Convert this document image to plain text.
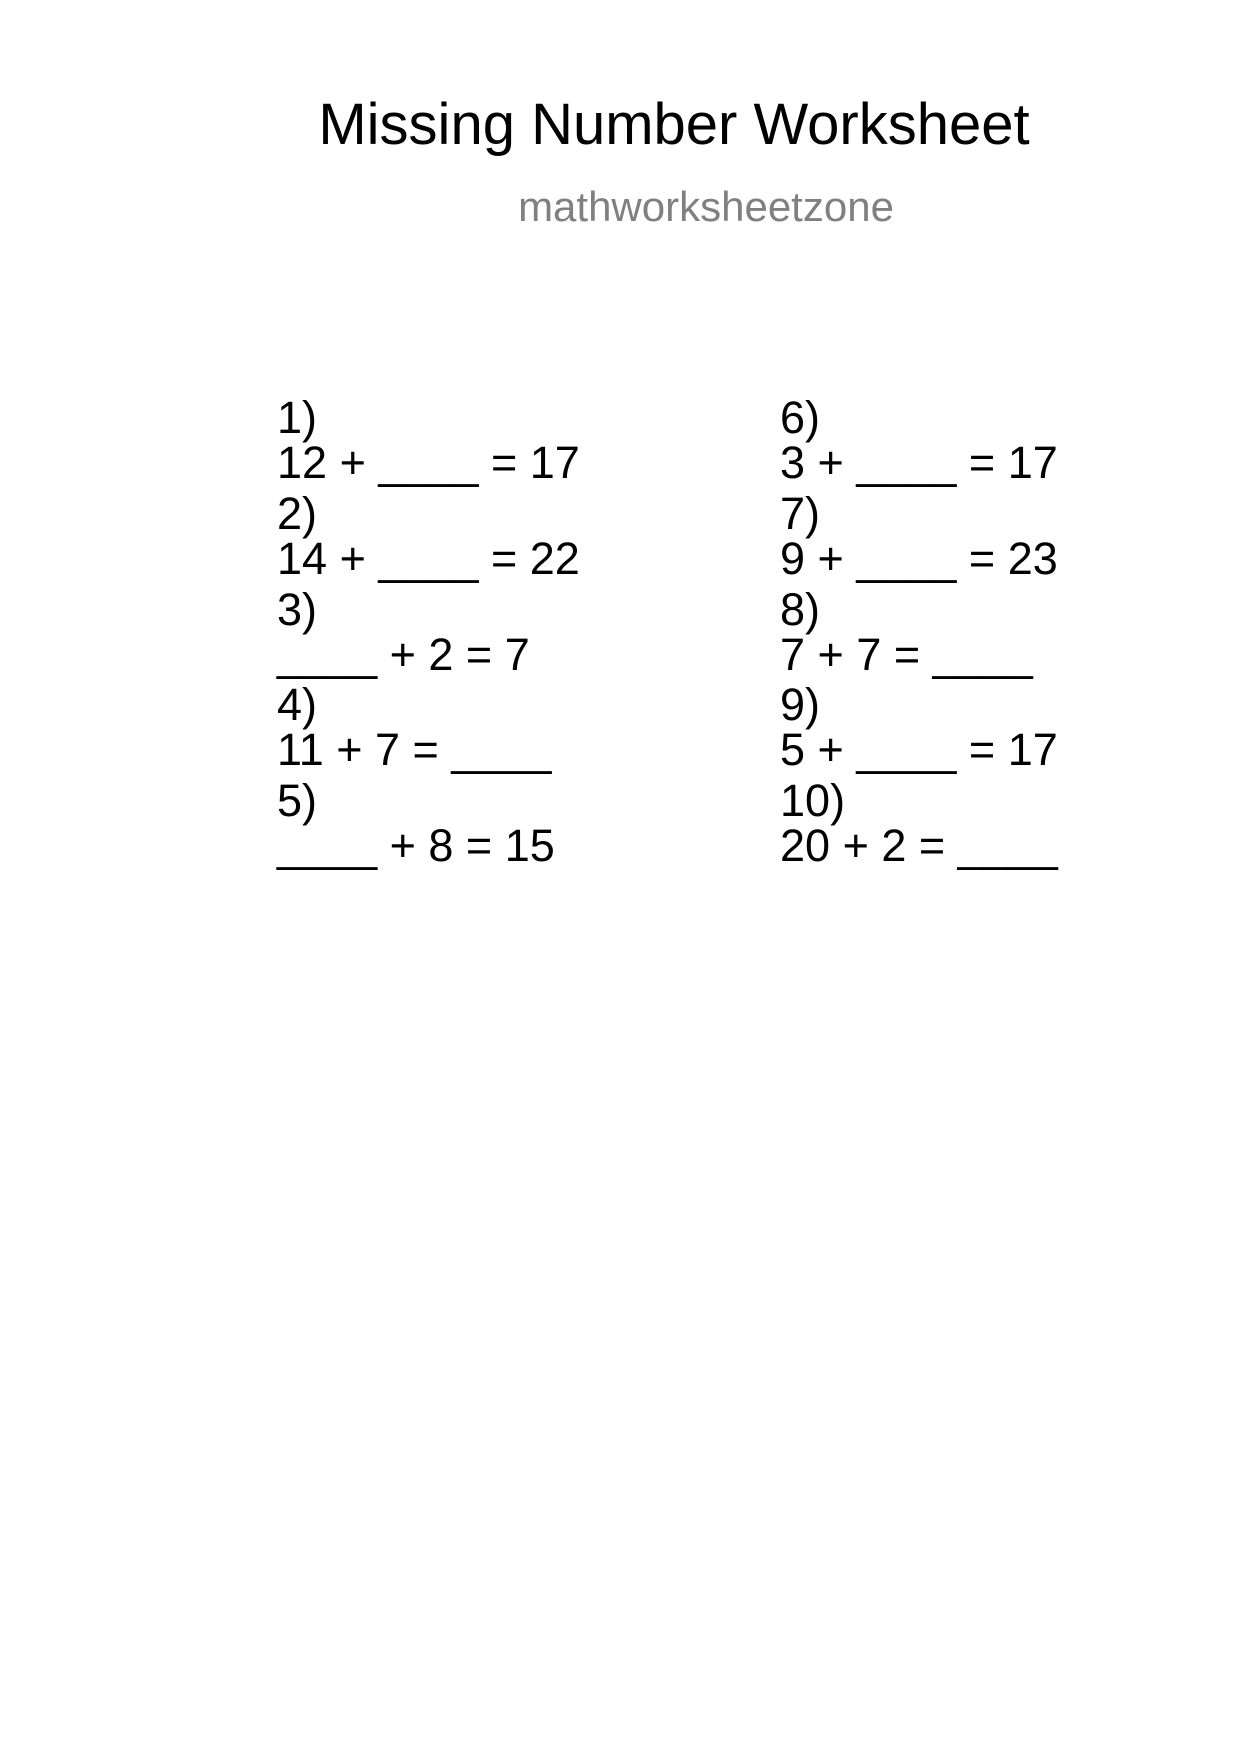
Missing Number Worksheet
mathworksheetzone

1)
12 + ____ = 17

2)
14 + ____ = 22

3)
____ + 2 = 7

4)
11 + 7 = ____

5)
____ + 8 = 15

6)
3 + ____ = 17

7)
9 + ____ = 23

8)
7 + 7 = ____

9)
5 + ____ = 17

10)
20 + 2 = ____
